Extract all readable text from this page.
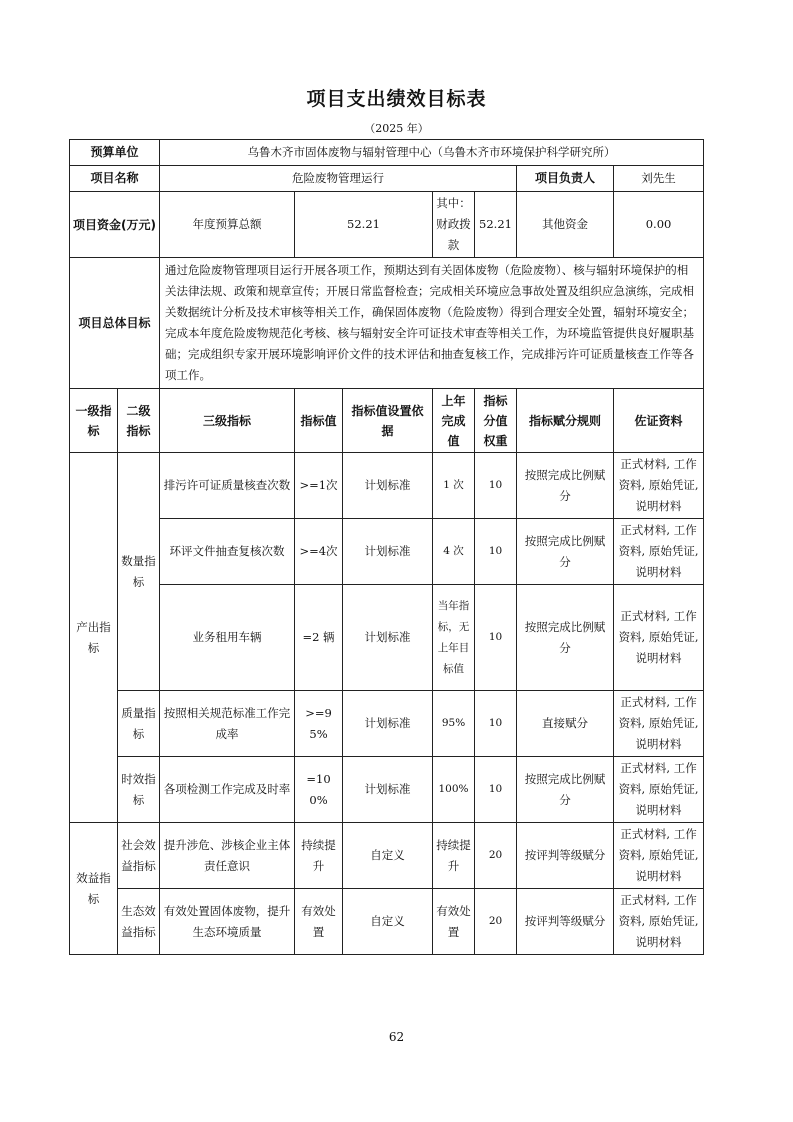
项目支出绩效目标表
（2025 年）
预算单位		乌鲁木齐市固体废物与辐射管理中心（乌鲁木齐市环境保护科学研究所）						
项目名称		危险废物管理运行					项目负责人	刘先生
项目资金(万元)		年度预算总额	52.21		其中：财政拨款	52.21	其他资金	0.00
项目总体目标		通过危险废物管理项目运行开展各项工作，预期达到有关固体废物（危险废物）、核与辐射环境保护的相关法律法规、政策和规章宣传；开展日常监督检查；完成相关环境应急事故处置及组织应急演练，完成相关数据统计分析及技术审核等相关工作，确保固体废物（危险废物）得到合理安全处置，辐射环境安全；完成本年度危险废物规范化考核、核与辐射安全许可证技术审查等相关工作，为环境监管提供良好履职基础；完成组织专家开展环境影响评价文件的技术评估和抽查复核工作，完成排污许可证质量核查工作等各项工作。						
一级指标	二级指标	三级指标	指标值	指标值设置依据	上年完成值	指标分值权重	指标赋分规则	佐证资料
产出指标	数量指标	排污许可证质量核查次数	>=1次	计划标准	1 次	10	按照完成比例赋分	正式材料, 工作资料, 原始凭证, 说明材料
		环评文件抽查复核次数	>=4次	计划标准	4 次	10	按照完成比例赋分	正式材料, 工作资料, 原始凭证, 说明材料
		业务租用车辆	=2 辆	计划标准	当年指标，无上年目标值	10	按照完成比例赋分	正式材料, 工作资料, 原始凭证, 说明材料
	质量指标	按照相关规范标准工作完成率	>=95%	计划标准	95%	10	直接赋分	正式材料, 工作资料, 原始凭证, 说明材料
	时效指标	各项检测工作完成及时率	=100%	计划标准	100%	10	按照完成比例赋分	正式材料, 工作资料, 原始凭证, 说明材料
效益指标	社会效益指标	提升涉危、涉核企业主体责任意识	持续提升	自定义	持续提升	20	按评判等级赋分	正式材料, 工作资料, 原始凭证, 说明材料
	生态效益指标	有效处置固体废物，提升生态环境质量	有效处置	自定义	有效处置	20	按评判等级赋分	正式材料, 工作资料, 原始凭证, 说明材料
62
